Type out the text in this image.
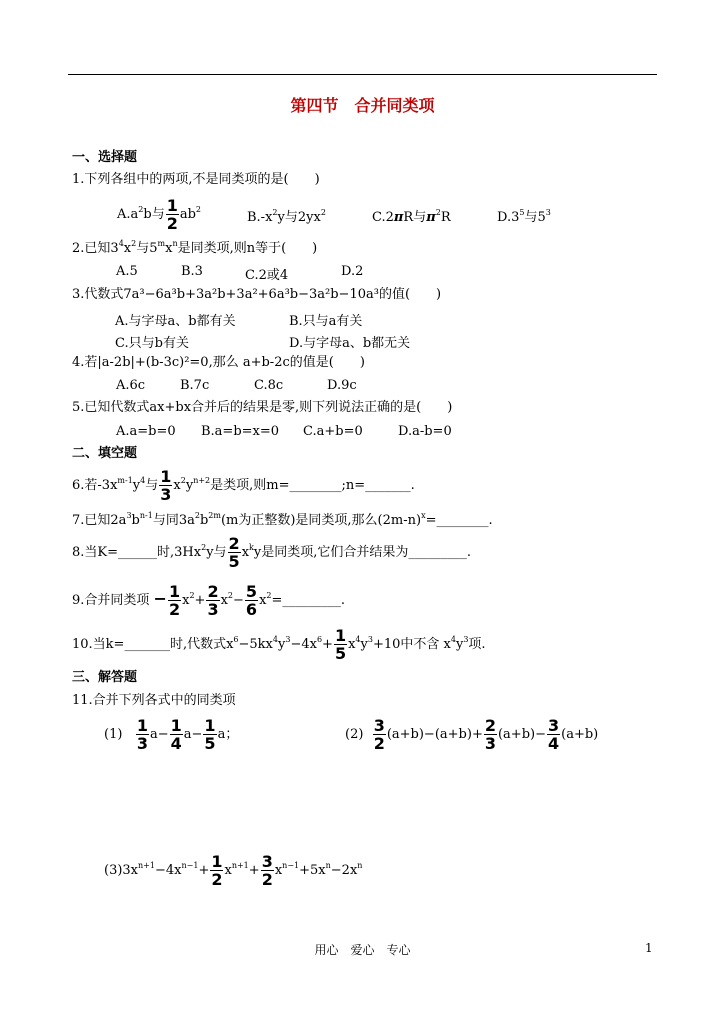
第四节　合并同类项
一、选择题
1.下列各组中的两项,不是同类项的是(　　)
$A.a^2b$与 $\frac{1}{2} ab^2$
$B.-x^2y$与$2yx^2$	C.2πR与$\pi^2R$	$D.3^5$与$5^3$
2.已知$3^4x^2$与$5^mx^n$是同类项,则n等于(　　)
A.5	B.3	C.2或4	D.2
3.代数式7a³−6a³b+3a²b+3a²+6a³b−3a²b−10a³的值(　　)
A.与字母a、b都有关	B.只与a有关
C.只与b有关	D.与字母a、b都无关
4.若|a-2b|+(b-3c)²=0,那么 a+b-2c的值是(　　)
A.6c	B.7c	C.8c	D.9c
5.已知代数式ax+bx合并后的结果是零,则下列说法正确的是(　　)
A.a=b=0 B.a=b=x=0 C.a+b=0	D.a-b=0
二、填空题
6.若$-3x^{m-1}y^4$与 $\frac{1}{3} x^2y^{n+2}$是类项,则m=________;n=_______.
7.已知$2a^3b^{n-1}$与同$3a^2b^{2m}(m$为正整数)是同类项,那么$(2m-n)^x=\_\_\_\_\_\_\_\_$.
8.当K=______时,3Hx$^2$y与 $\frac{2}{5} x^ky$是同类项,它们合并结果为_________.
9.合并同类项 − $\frac{1}{2} x^2+ \frac{2}{3} x^2- \frac{5}{6}$ $x^2=\_\_\_\_\_\_\_\_\_$.
10.当k=_______时,代数式$x^6-5kx^4y^3-4x^6+ \frac{1}{5} x^4y^3+10$中不含 $x^4y^3$项.
三、解答题
11.合并下列各式中的同类项
$(1) \frac{1}{3} a- \frac{1}{4} a- \frac{1}{5}$ a；	$(2) \frac{3}{2} (a+b)-(a+b)+ \frac{2}{3} (a+b)- \frac{3}{4} (a+b)$
$(3)3x^{n+1}-4x^{n-1}+ \frac{1}{2} x^{n+1}+ \frac{3}{2} x^{n-1}+5x^n-2x^n$
用心　爱心　专心	1
